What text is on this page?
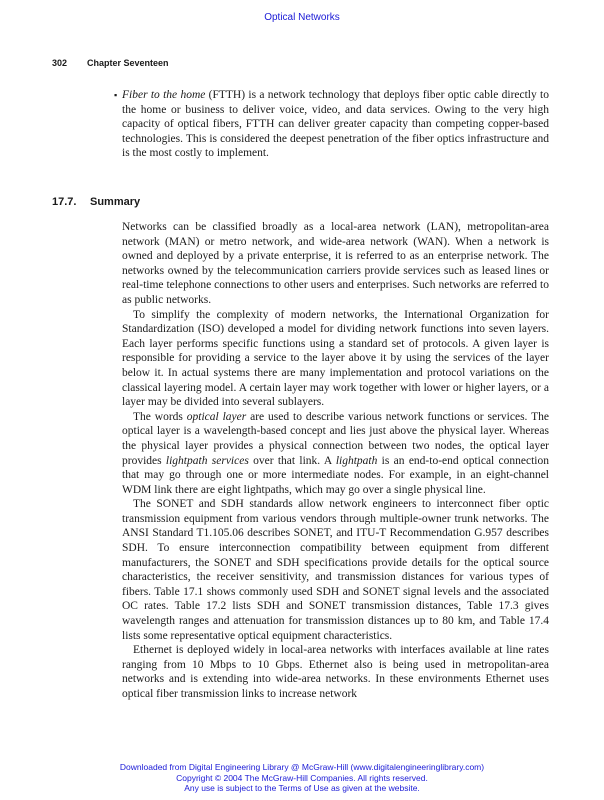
Optical Networks
302 Chapter Seventeen
▪ Fiber to the home (FTTH) is a network technology that deploys fiber optic cable directly to the home or business to deliver voice, video, and data services. Owing to the very high capacity of optical fibers, FTTH can deliver greater capacity than competing copper-based technologies. This is considered the deepest penetration of the fiber optics infrastructure and is the most costly to implement.
17.7. Summary

Networks can be classified broadly as a local-area network (LAN), metropolitan-area network (MAN) or metro network, and wide-area network (WAN). When a network is owned and deployed by a private enterprise, it is referred to as an enterprise network. The networks owned by the telecommunication carriers provide services such as leased lines or real-time telephone connections to other users and enterprises. Such networks are referred to as public networks.

To simplify the complexity of modern networks, the International Organization for Standardization (ISO) developed a model for dividing network functions into seven layers. Each layer performs specific functions using a standard set of protocols. A given layer is responsible for providing a service to the layer above it by using the services of the layer below it. In actual systems there are many implementation and protocol variations on the classical layering model. A certain layer may work together with lower or higher layers, or a layer may be divided into several sublayers.

The words optical layer are used to describe various network functions or services. The optical layer is a wavelength-based concept and lies just above the physical layer. Whereas the physical layer provides a physical connection between two nodes, the optical layer provides lightpath services over that link. A lightpath is an end-to-end optical connection that may go through one or more intermediate nodes. For example, in an eight-channel WDM link there are eight lightpaths, which may go over a single physical line.

The SONET and SDH standards allow network engineers to interconnect fiber optic transmission equipment from various vendors through multiple-owner trunk networks. The ANSI Standard T1.105.06 describes SONET, and ITU-T Recommendation G.957 describes SDH. To ensure interconnection compatibility between equipment from different manufacturers, the SONET and SDH specifications provide details for the optical source characteristics, the receiver sensitivity, and transmission distances for various types of fibers. Table 17.1 shows commonly used SDH and SONET signal levels and the associated OC rates. Table 17.2 lists SDH and SONET transmission distances, Table 17.3 gives wavelength ranges and attenuation for transmission distances up to 80 km, and Table 17.4 lists some representative optical equipment characteristics.

Ethernet is deployed widely in local-area networks with interfaces available at line rates ranging from 10 Mbps to 10 Gbps. Ethernet also is being used in metropolitan-area networks and is extending into wide-area networks. In these environments Ethernet uses optical fiber transmission links to increase network

Downloaded from Digital Engineering Library @ McGraw-Hill (www.digitalengineeringlibrary.com)
Copyright © 2004 The McGraw-Hill Companies. All rights reserved.
Any use is subject to the Terms of Use as given at the website.
